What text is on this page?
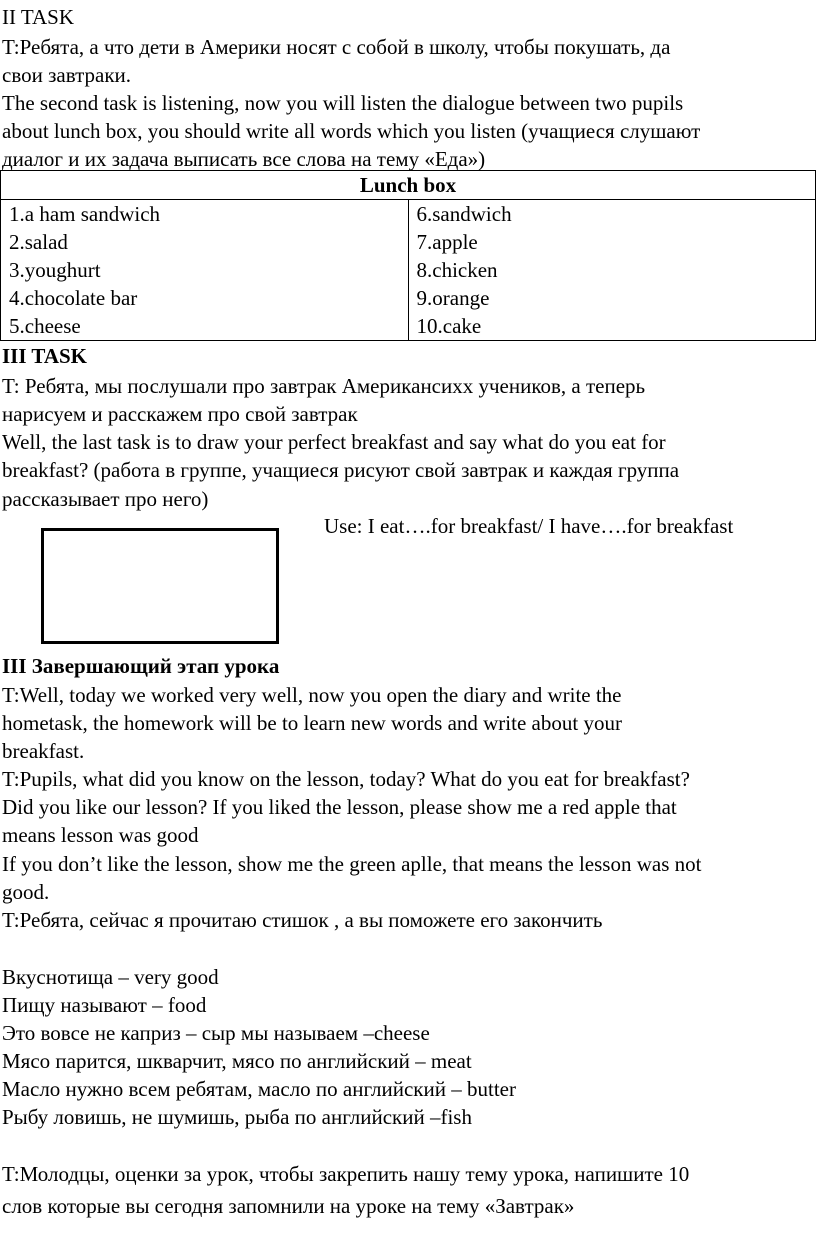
II TASK
T:Ребята, а что дети в Америки носят с собой в школу, чтобы покушать, да
свои завтраки.
The second task is listening, now you will listen the dialogue between two pupils
about lunch box, you should write all words which you listen (учащиеся слушают
диалог и их задача выписать все слова на тему «Еда»)
Lunch box

1.a ham sandwich
2.salad
3.youghurt
4.chocolate bar
5.cheese

6.sandwich
7.apple
8.chicken
9.orange
10.cake
III TASK
T: Ребята, мы послушали про завтрак Американсихх учеников, а теперь
нарисуем и расскажем про свой завтрак
Well, the last task is to draw your perfect breakfast and say what do you eat for
breakfast? (работа в группе, учащиеся рисуют свой завтрак и каждая группа
рассказывает про него)
Use: I eat….for breakfast/ I have….for breakfast
III Завершающий этап урока
T:Well, today we worked very well, now you open the diary and write the
hometask, the homework will be to learn new words and write about your
breakfast.
T:Pupils, what did you know on the lesson, today? What do you eat for breakfast?
Did you like our lesson? If you liked the lesson, please show me a red apple that
means lesson was good
If you don’t like the lesson, show me the green aplle, that means the lesson was not
good.
T:Ребята, сейчас я прочитаю стишок , а вы поможете его закончить
Вкуснотища – very good
Пищу называют – food
Это вовсе не каприз – сыр мы называем –cheese
Мясо парится, шкварчит, мясо по английский – meat
Масло нужно всем ребятам, масло по английский – butter
Рыбу ловишь, не шумишь, рыба по английский –fish
T:Молодцы, оценки за урок, чтобы закрепить нашу тему урока, напишите 10
слов которые вы сегодня запомнили на уроке на тему «Завтрак»
